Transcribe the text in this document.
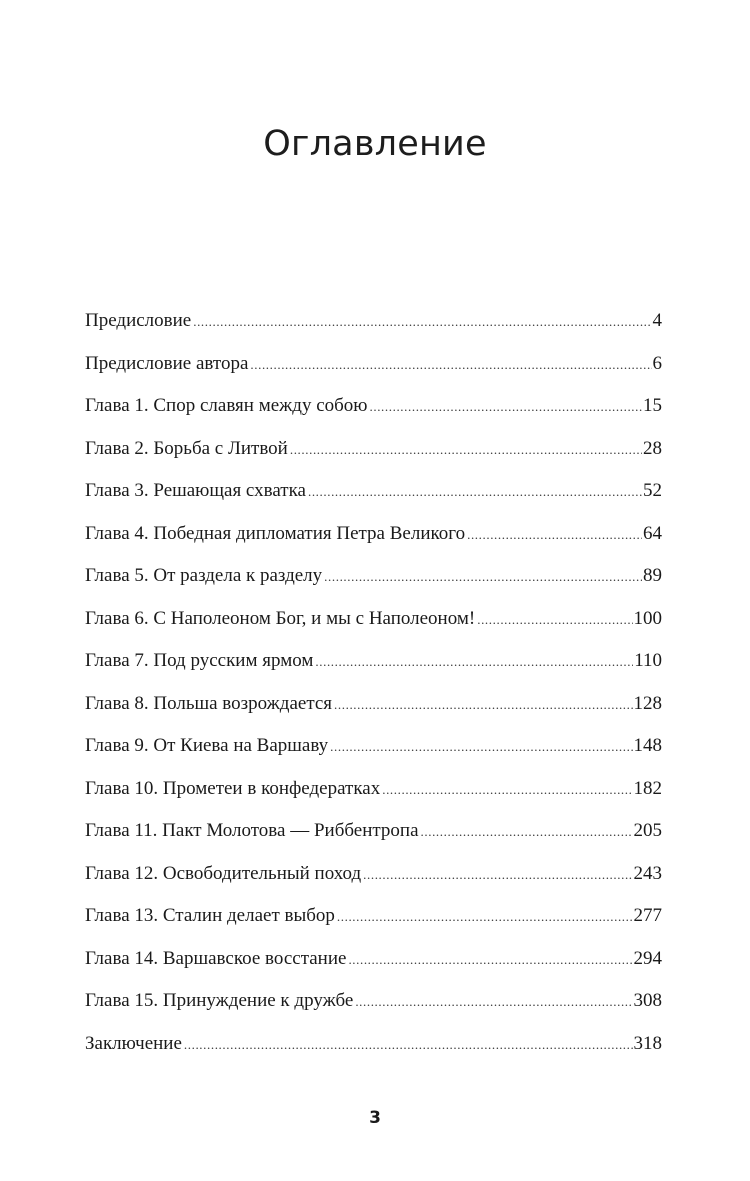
Оглавление
Предисловие .....	4
Предисловие автора .....	6
Глава 1. Спор славян между собою .....	15
Глава 2. Борьба с Литвой .....	28
Глава 3. Решающая схватка .....	52
Глава 4. Победная дипломатия Петра Великого .....	64
Глава 5. От раздела к разделу .....	89
Глава 6. С Наполеоном Бог, и мы с Наполеоном! .....	100
Глава 7. Под русским ярмом .....	110
Глава 8. Польша возрождается .....	128
Глава 9. От Киева на Варшаву .....	148
Глава 10. Прометеи в конфедератках .....	182
Глава 11. Пакт Молотова — Риббентропа .....	205
Глава 12. Освободительный поход .....	243
Глава 13. Сталин делает выбор .....	277
Глава 14. Варшавское восстание .....	294
Глава 15. Принуждение к дружбе .....	308
Заключение .....	318
3
